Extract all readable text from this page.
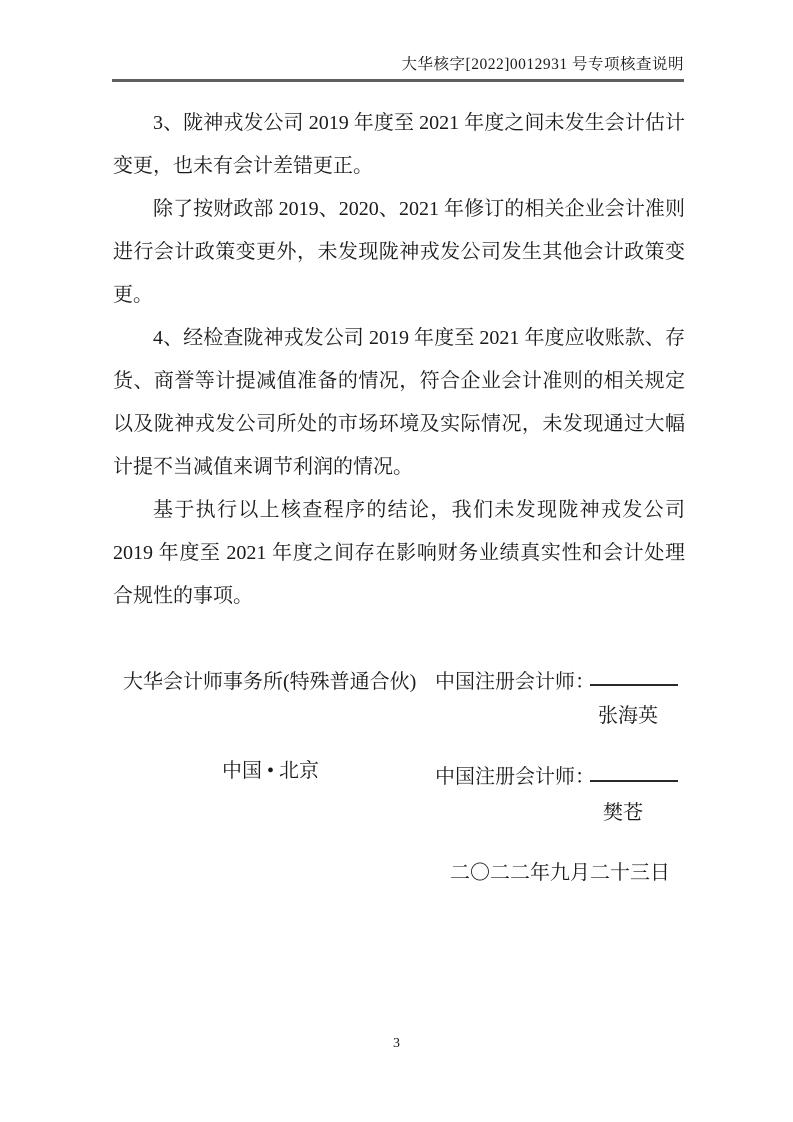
大华核字[2022]0012931 号专项核查说明

3、陇神戎发公司 2019 年度至 2021 年度之间未发生会计估计变更，也未有会计差错更正。

除了按财政部 2019、2020、2021 年修订的相关企业会计准则进行会计政策变更外，未发现陇神戎发公司发生其他会计政策变更。

4、经检查陇神戎发公司 2019 年度至 2021 年度应收账款、存货、商誉等计提减值准备的情况，符合企业会计准则的相关规定以及陇神戎发公司所处的市场环境及实际情况，未发现通过大幅计提不当减值来调节利润的情况。

基于执行以上核查程序的结论，我们未发现陇神戎发公司 2019 年度至 2021 年度之间存在影响财务业绩真实性和会计处理合规性的事项。

大华会计师事务所(特殊普通合伙) 中国注册会计师：
张海英
中国 • 北京	中国注册会计师：
樊苍
二〇二二年九月二十三日
3
